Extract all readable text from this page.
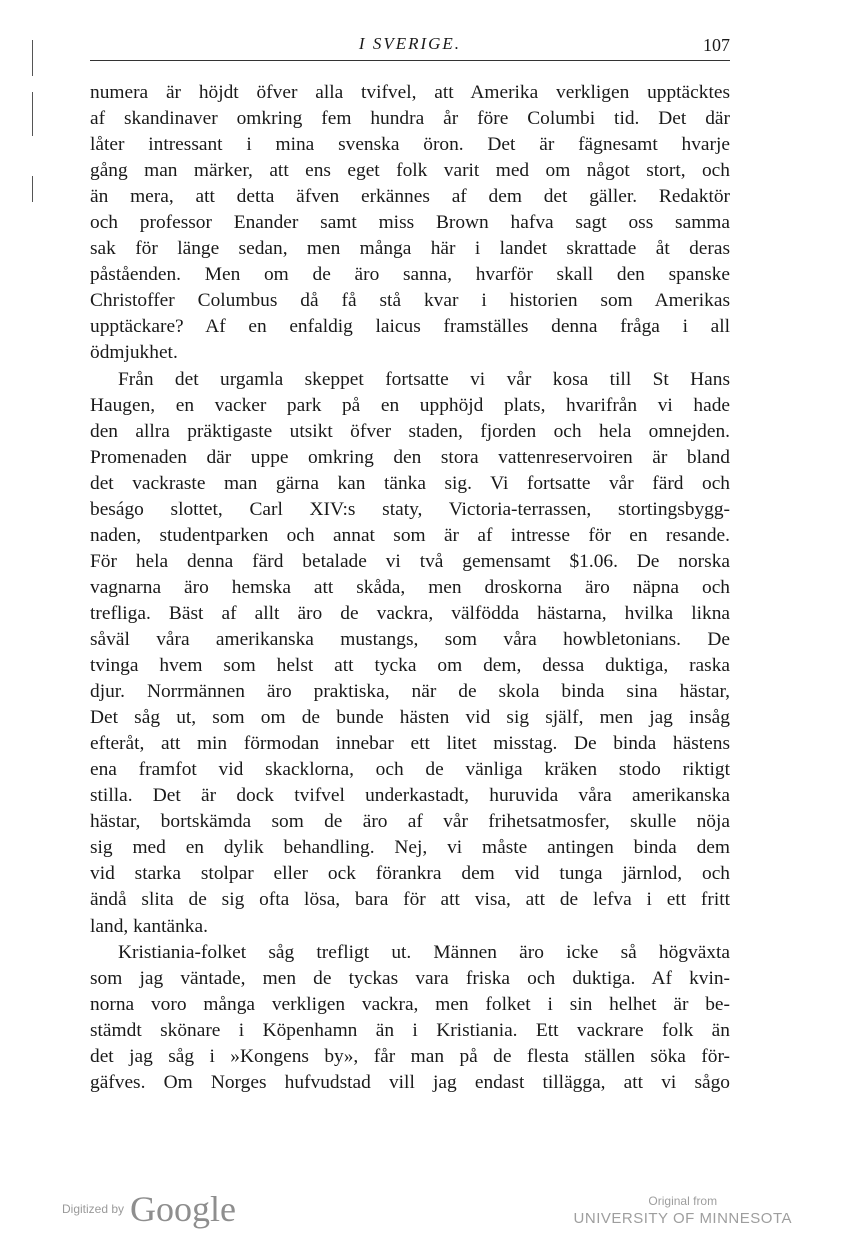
I SVERIGE.	107
numera är höjdt öfver alla tvifvel, att Amerika verkligen upptäcktes
af skandinaver omkring fem hundra år före Columbi tid. Det där
låter intressant i mina svenska öron. Det är fägnesamt hvarje
gång man märker, att ens eget folk varit med om något stort, och
än mera, att detta äfven erkännes af dem det gäller. Redaktör
och professor Enander samt miss Brown hafva sagt oss samma
sak för länge sedan, men många här i landet skrattade åt deras
påståenden. Men om de äro sanna, hvarför skall den spanske
Christoffer Columbus då få stå kvar i historien som Amerikas
upptäckare? Af en enfaldig laicus framställes denna fråga i all
ödmjukhet.
Från det urgamla skeppet fortsatte vi vår kosa till St Hans
Haugen, en vacker park på en upphöjd plats, hvarifrån vi hade
den allra präktigaste utsikt öfver staden, fjorden och hela omnejden.
Promenaden där uppe omkring den stora vattenreservoiren är bland
det vackraste man gärna kan tänka sig. Vi fortsatte vår färd och
beságo slottet, Carl XIV:s staty, Victoria-terrassen, stortingsbygg-
naden, studentparken och annat som är af intresse för en resande.
För hela denna färd betalade vi två gemensamt $1.06. De norska
vagnarna äro hemska att skåda, men droskorna äro näpna och
trefliga. Bäst af allt äro de vackra, välfödda hästarna, hvilka likna
såväl våra amerikanska mustangs, som våra howbletonians. De
tvinga hvem som helst att tycka om dem, dessa duktiga, raska
djur. Norrmännen äro praktiska, när de skola binda sina hästar,
Det såg ut, som om de bunde hästen vid sig själf, men jag insåg
efteråt, att min förmodan innebar ett litet misstag. De binda hästens
ena framfot vid skacklorna, och de vänliga kräken stodo riktigt
stilla. Det är dock tvifvel underkastadt, huruvida våra amerikanska
hästar, bortskämda som de äro af vår frihetsatmosfer, skulle nöja
sig med en dylik behandling. Nej, vi måste antingen binda dem
vid starka stolpar eller ock förankra dem vid tunga järnlod, och
ändå slita de sig ofta lösa, bara för att visa, att de lefva i ett fritt
land, kantänka.
Kristiania-folket såg trefligt ut. Männen äro icke så högväxta
som jag väntade, men de tyckas vara friska och duktiga. Af kvin-
norna voro många verkligen vackra, men folket i sin helhet är be-
stämdt skönare i Köpenhamn än i Kristiania. Ett vackrare folk än
det jag såg i »Kongens by», får man på de flesta ställen söka för-
gäfves. Om Norges hufvudstad vill jag endast tillägga, att vi sågo
Digitized by Google	Original from
UNIVERSITY OF MINNESOTA
